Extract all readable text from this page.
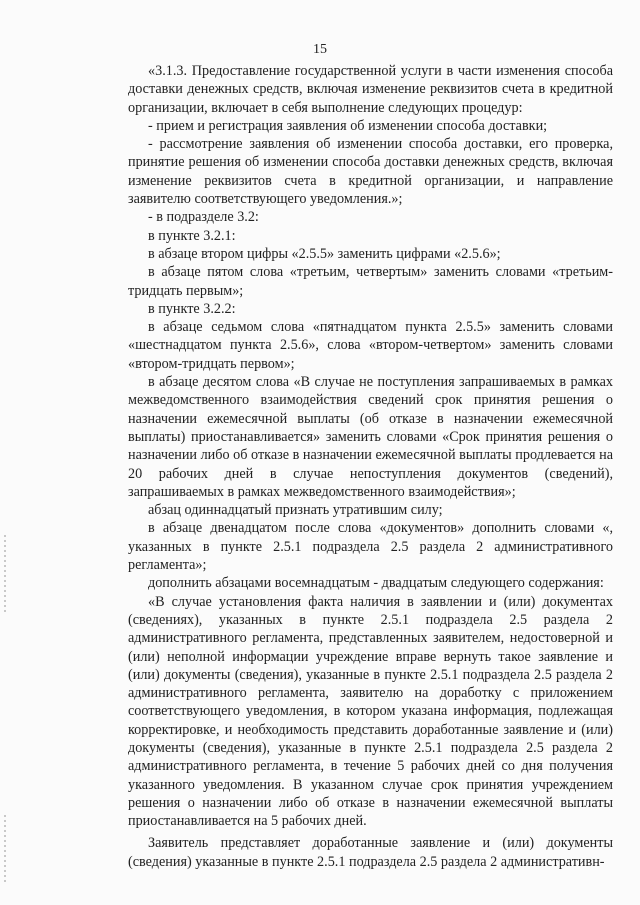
15

«3.1.3. Предоставление государственной услуги в части изменения способа доставки денежных средств, включая изменение реквизитов счета в кредитной организации, включает в себя выполнение следующих процедур:

- прием и регистрация заявления об изменении способа доставки;

- рассмотрение заявления об изменении способа доставки, его проверка, принятие решения об изменении способа доставки денежных средств, включая изменение реквизитов счета в кредитной организации, и направление заявителю соответствующего уведомления.»;

- в подразделе 3.2:

в пункте 3.2.1:

в абзаце втором цифры «2.5.5» заменить цифрами «2.5.6»;

в абзаце пятом слова «третьим, четвертым» заменить словами «третьим-тридцать первым»;

в пункте 3.2.2:

в абзаце седьмом слова «пятнадцатом пункта 2.5.5» заменить словами «шестнадцатом пункта 2.5.6», слова «втором-четвертом» заменить словами «втором-тридцать первом»;

в абзаце десятом слова «В случае не поступления запрашиваемых в рамках межведомственного взаимодействия сведений срок принятия решения о назначении ежемесячной выплаты (об отказе в назначении ежемесячной выплаты) приостанавливается» заменить словами «Срок принятия решения о назначении либо об отказе в назначении ежемесячной выплаты продлевается на 20 рабочих дней в случае непоступления документов (сведений), запрашиваемых в рамках межведомственного взаимодействия»;

абзац одиннадцатый признать утратившим силу;

в абзаце двенадцатом после слова «документов» дополнить словами «, указанных в пункте 2.5.1 подраздела 2.5 раздела 2 административного регламента»;

дополнить абзацами восемнадцатым - двадцатым следующего содержания:

«В случае установления факта наличия в заявлении и (или) документах (сведениях), указанных в пункте 2.5.1 подраздела 2.5 раздела 2 административного регламента, представленных заявителем, недостоверной и (или) неполной информации учреждение вправе вернуть такое заявление и (или) документы (сведения), указанные в пункте 2.5.1 подраздела 2.5 раздела 2 административного регламента, заявителю на доработку с приложением соответствующего уведомления, в котором указана информация, подлежащая корректировке, и необходимость представить доработанные заявление и (или) документы (сведения), указанные в пункте 2.5.1 подраздела 2.5 раздела 2 административного регламента, в течение 5 рабочих дней со дня получения указанного уведомления. В указанном случае срок принятия учреждением решения о назначении либо об отказе в назначении ежемесячной выплаты приостанавливается на 5 рабочих дней.

Заявитель представляет доработанные заявление и (или) документы (сведения) указанные в пункте 2.5.1 подраздела 2.5 раздела 2 административн-
